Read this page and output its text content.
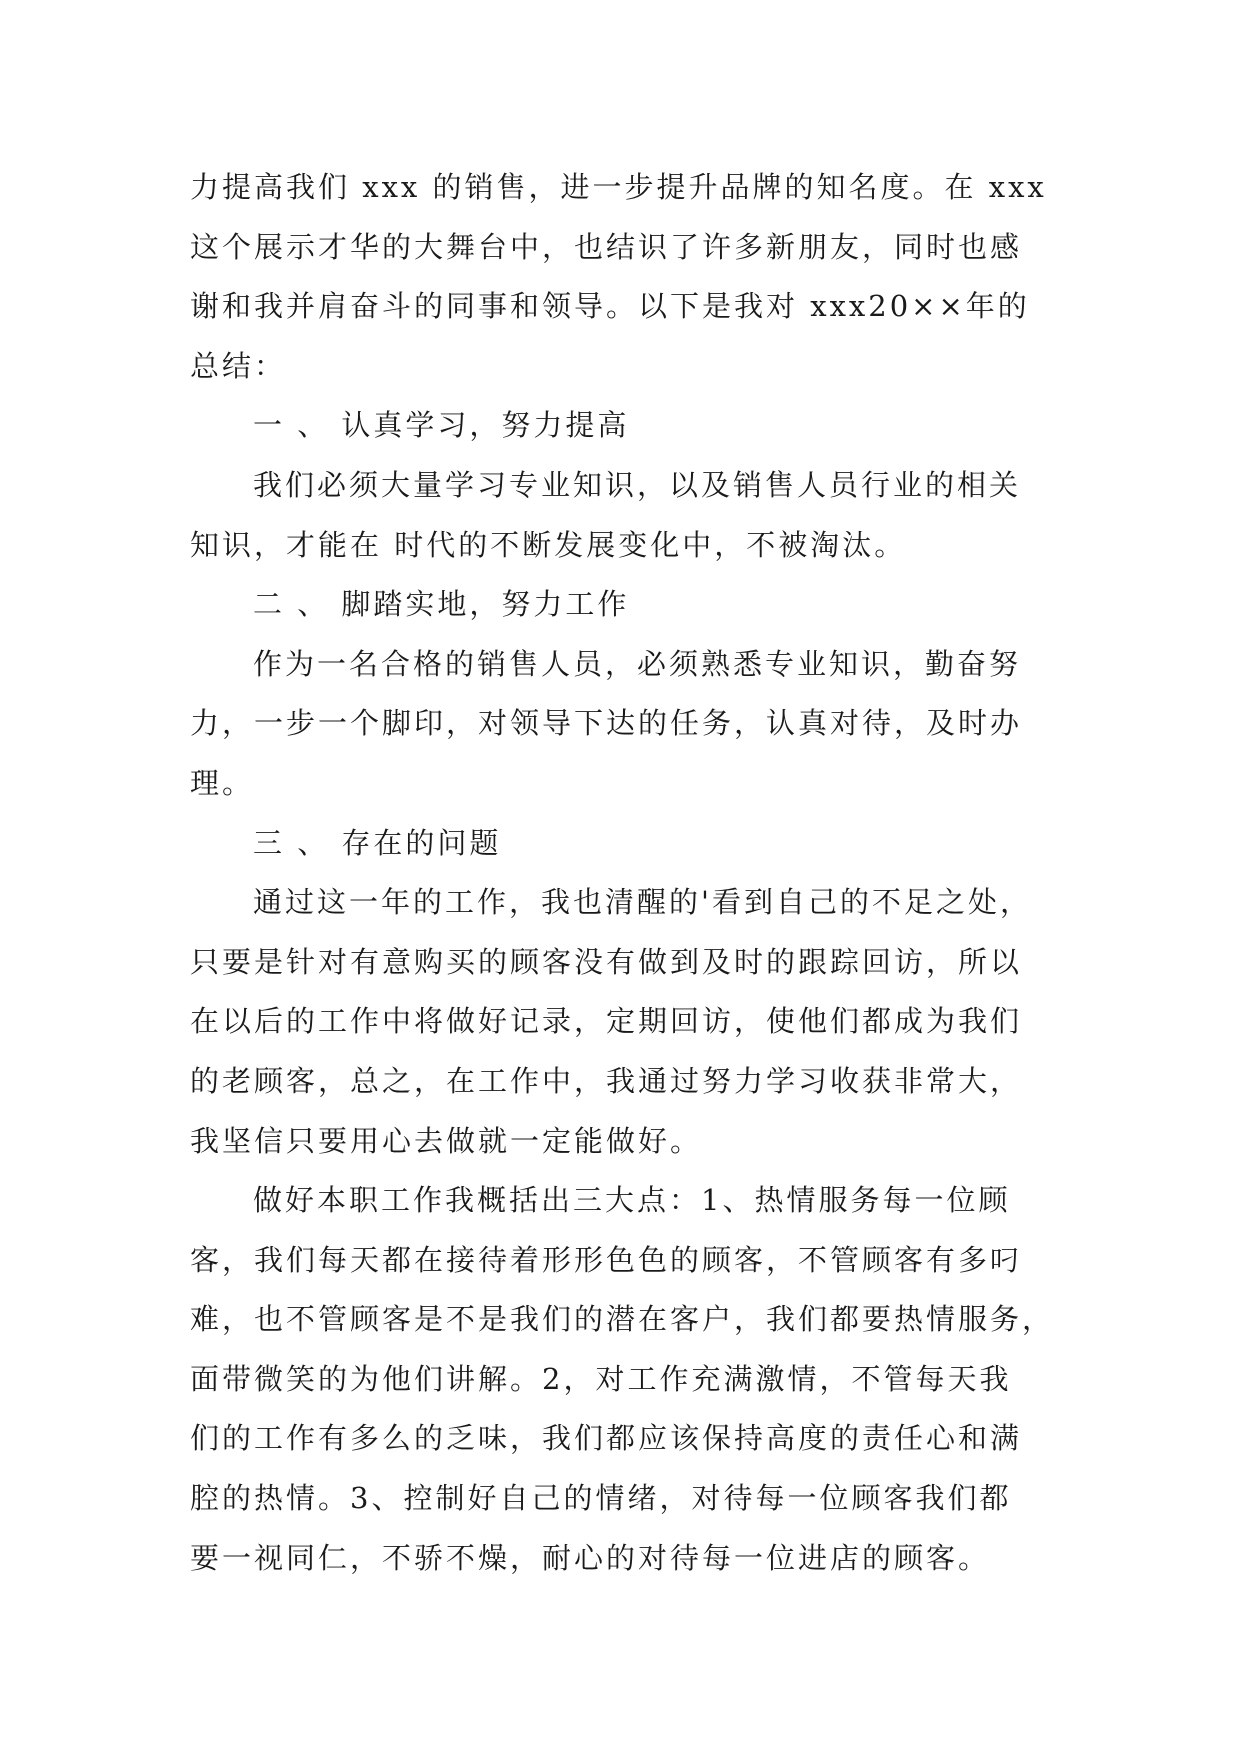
力提高我们 xxx 的销售，进一步提升品牌的知名度。在 xxx
这个展示才华的大舞台中，也结识了许多新朋友，同时也感
谢和我并肩奋斗的同事和领导。以下是我对 xxx20××年的
总结：
一 、 认真学习，努力提高
我们必须大量学习专业知识，以及销售人员行业的相关
知识，才能在 时代的不断发展变化中，不被淘汰。
二 、 脚踏实地，努力工作
作为一名合格的销售人员，必须熟悉专业知识，勤奋努
力，一步一个脚印，对领导下达的任务，认真对待，及时办
理。
三 、 存在的问题
通过这一年的工作，我也清醒的'看到自己的不足之处，
只要是针对有意购买的顾客没有做到及时的跟踪回访，所以
在以后的工作中将做好记录，定期回访，使他们都成为我们
的老顾客，总之，在工作中，我通过努力学习收获非常大，
我坚信只要用心去做就一定能做好。
做好本职工作我概括出三大点：1、热情服务每一位顾
客，我们每天都在接待着形形色色的顾客，不管顾客有多叼
难，也不管顾客是不是我们的潜在客户，我们都要热情服务，
面带微笑的为他们讲解。2，对工作充满激情，不管每天我
们的工作有多么的乏味，我们都应该保持高度的责任心和满
腔的热情。3、控制好自己的情绪，对待每一位顾客我们都
要一视同仁，不骄不燥，耐心的对待每一位进店的顾客。
